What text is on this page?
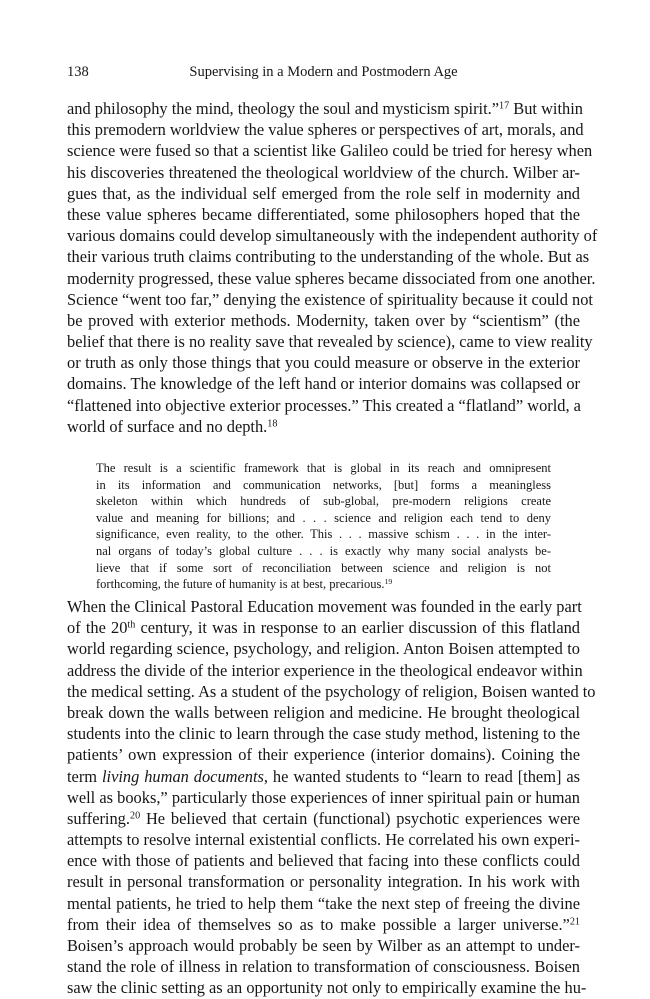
138	Supervising in a Modern and Postmodern Age
and philosophy the mind, theology the soul and mysticism spirit.”$^{17}$ But within
this premodern worldview the value spheres or perspectives of art, morals, and
science were fused so that a scientist like Galileo could be tried for heresy when
his discoveries threatened the theological worldview of the church. Wilber ar-
gues that, as the individual self emerged from the role self in modernity and
these value spheres became differentiated, some philosophers hoped that the
various domains could develop simultaneously with the independent authority of
their various truth claims contributing to the understanding of the whole. But as
modernity progressed, these value spheres became dissociated from one another.
Science “went too far,” denying the existence of spirituality because it could not
be proved with exterior methods. Modernity, taken over by “scientism” (the
belief that there is no reality save that revealed by science), came to view reality
or truth as only those things that you could measure or observe in the exterior
domains. The knowledge of the left hand or interior domains was collapsed or
“flattened into objective exterior processes.” This created a “flatland” world, a
world of surface and no depth.$^{18}$
The result is a scientific framework that is global in its reach and omnipresent
in its information and communication networks, [but] forms a meaningless
skeleton within which hundreds of sub-global, pre-modern religions create
value and meaning for billions; and . . . science and religion each tend to deny
significance, even reality, to the other. This . . . massive schism . . . in the inter-
nal organs of today’s global culture . . . is exactly why many social analysts be-
lieve that if some sort of reconciliation between science and religion is not
forthcoming, the future of humanity is at best, precarious.$^{19}$
When the Clinical Pastoral Education movement was founded in the early part
of the 20th century, it was in response to an earlier discussion of this flatland
world regarding science, psychology, and religion. Anton Boisen attempted to
address the divide of the interior experience in the theological endeavor within
the medical setting. As a student of the psychology of religion, Boisen wanted to
break down the walls between religion and medicine. He brought theological
students into the clinic to learn through the case study method, listening to the
patients’ own expression of their experience (interior domains). Coining the
term living human documents, he wanted students to “learn to read [them] as
well as books,” particularly those experiences of inner spiritual pain or human
suffering.$^{20}$ He believed that certain (functional) psychotic experiences were
attempts to resolve internal existential conflicts. He correlated his own experi-
ence with those of patients and believed that facing into these conflicts could
result in personal transformation or personality integration. In his work with
mental patients, he tried to help them “take the next step of freeing the divine
from their idea of themselves so as to make possible a larger universe.”$^{21}$
Boisen’s approach would probably be seen by Wilber as an attempt to under-
stand the role of illness in relation to transformation of consciousness. Boisen
saw the clinic setting as an opportunity not only to empirically examine the hu-
